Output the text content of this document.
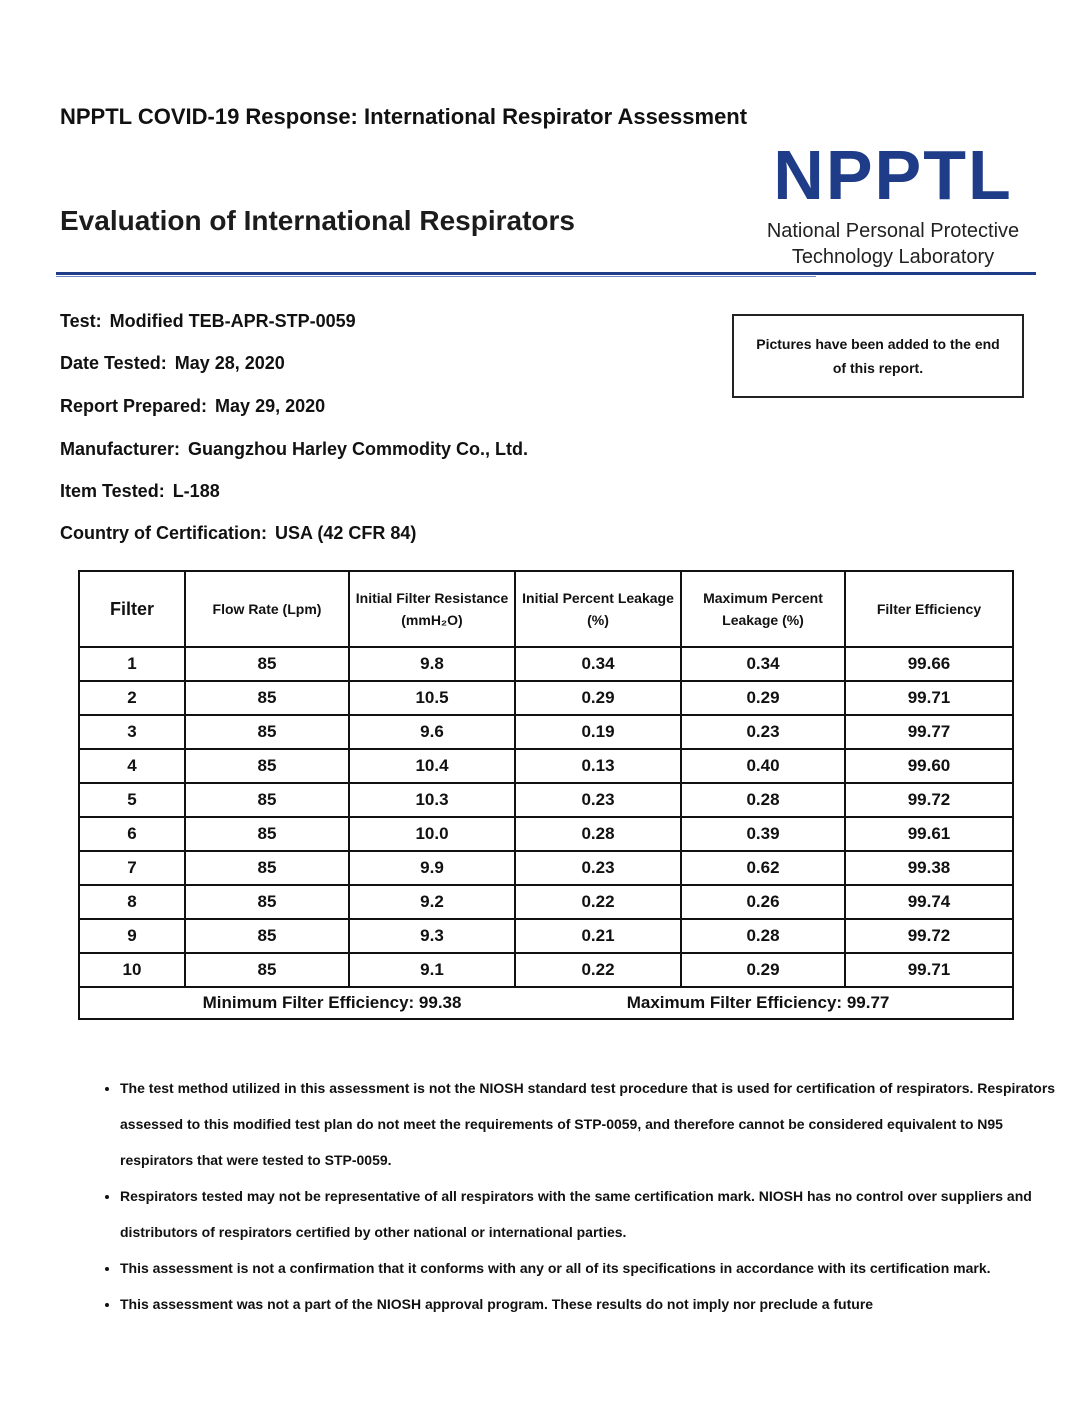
NPPTL COVID-19 Response: International Respirator Assessment
Evaluation of International Respirators
NPPTL
National Personal Protective
Technology Laboratory
Test: Modified TEB-APR-STP-0059
Date Tested: May 28, 2020
Report Prepared: May 29, 2020
Manufacturer: Guangzhou Harley Commodity Co., Ltd.
Item Tested: L-188
Country of Certification: USA (42 CFR 84)
Pictures have been added to the end of this report.
Filter	Flow Rate (Lpm)	Initial Filter Resistance (mmH₂O)	Initial Percent Leakage (%)	Maximum Percent Leakage (%)	Filter Efficiency
1	85	9.8	0.34	0.34	99.66
2	85	10.5	0.29	0.29	99.71
3	85	9.6	0.19	0.23	99.77
4	85	10.4	0.13	0.40	99.60
5	85	10.3	0.23	0.28	99.72
6	85	10.0	0.28	0.39	99.61
7	85	9.9	0.23	0.62	99.38
8	85	9.2	0.22	0.26	99.74
9	85	9.3	0.21	0.28	99.72
10	85	9.1	0.22	0.29	99.71

Minimum Filter Efficiency: 99.38 Maximum Filter Efficiency: 99.77					
• The test method utilized in this assessment is not the NIOSH standard test procedure that is used for certification of respirators. Respirators assessed to this modified test plan do not meet the requirements of STP-0059, and therefore cannot be considered equivalent to N95 respirators that were tested to STP-0059.
• Respirators tested may not be representative of all respirators with the same certification mark. NIOSH has no control over suppliers and distributors of respirators certified by other national or international parties.
• This assessment is not a confirmation that it conforms with any or all of its specifications in accordance with its certification mark.
• This assessment was not a part of the NIOSH approval program. These results do not imply nor preclude a future
